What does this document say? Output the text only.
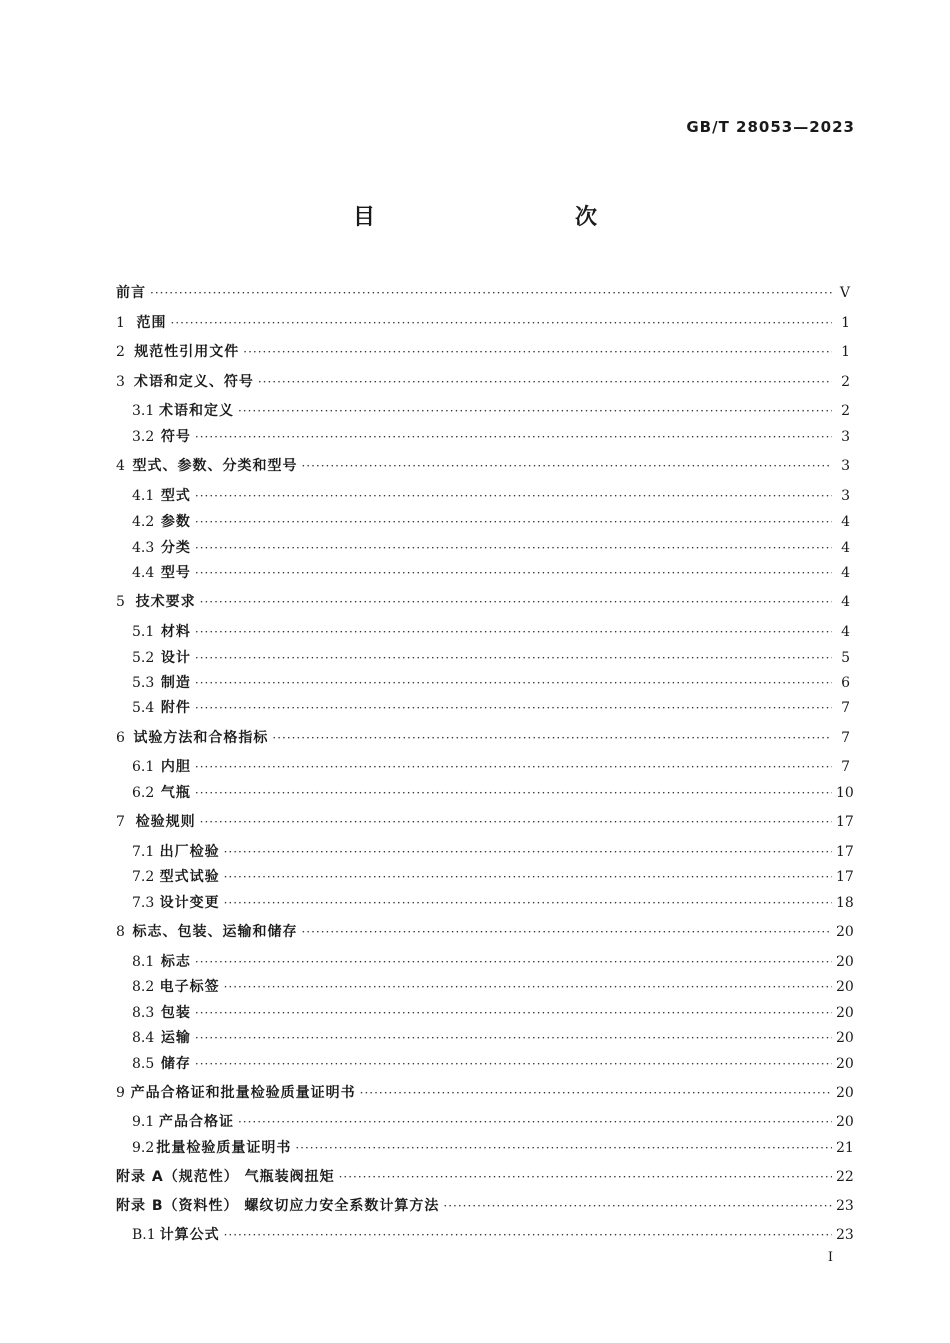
GB/T 28053—2023
目　　次
前言 ·····	Ⅴ
1 范围 ·····	1
2 规范性引用文件 ·····	1
3 术语和定义、符号 ·····	2
3.1 术语和定义 ·····	2
3.2 符号 ·····	3
4 型式、参数、分类和型号 ·····	3
4.1 型式 ·····	3
4.2 参数 ·····	4
4.3 分类 ·····	4
4.4 型号 ·····	4
5 技术要求 ·····	4
5.1 材料 ·····	4
5.2 设计 ·····	5
5.3 制造 ·····	6
5.4 附件 ·····	7
6 试验方法和合格指标 ·····	7
6.1 内胆 ·····	7
6.2 气瓶 ·····	10
7 检验规则 ·····	17
7.1 出厂检验 ·····	17
7.2 型式试验 ·····	17
7.3 设计变更 ·····	18
8 标志、包装、运输和储存 ·····	20
8.1 标志 ·····	20
8.2 电子标签 ·····	20
8.3 包装 ·····	20
8.4 运输 ·····	20
8.5 储存 ·····	20
9 产品合格证和批量检验质量证明书 ·····	20
9.1 产品合格证 ·····	20
9.2 批量检验质量证明书 ·····	21
附录 A（规范性） 气瓶装阀扭矩 ·····	22
附录 B（资料性） 螺纹切应力安全系数计算方法 ·····	23
B.1 计算公式 ·····	23
I
